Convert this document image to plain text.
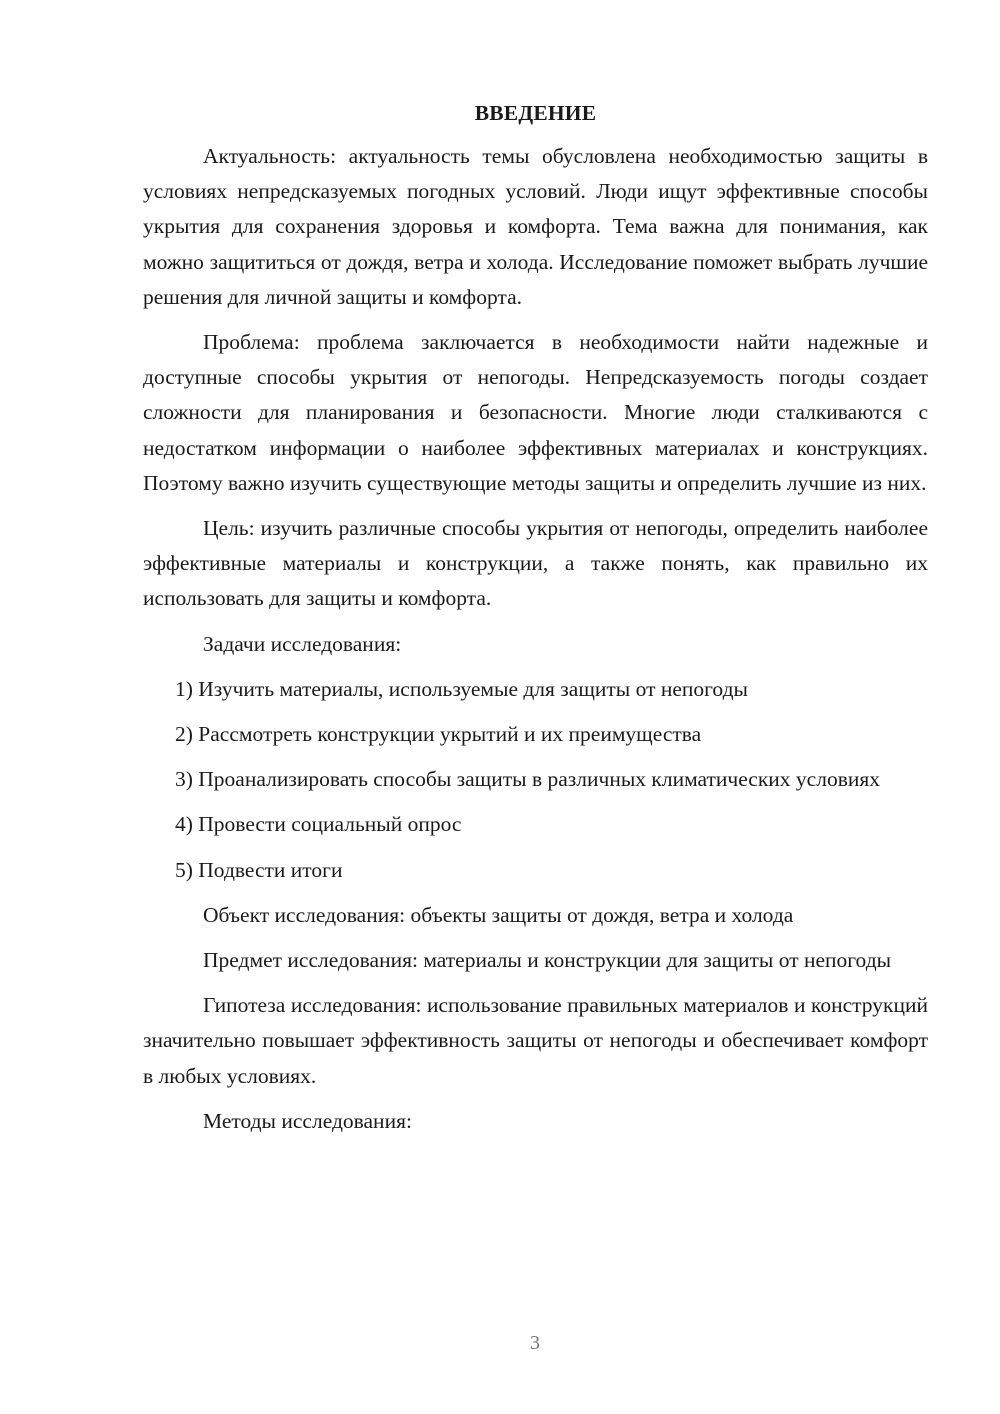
ВВЕДЕНИЕ

Актуальность: актуальность темы обусловлена необходимостью защиты в условиях непредсказуемых погодных условий. Люди ищут эффективные способы укрытия для сохранения здоровья и комфорта. Тема важна для понимания, как можно защититься от дождя, ветра и холода. Исследование поможет выбрать лучшие решения для личной защиты и комфорта.

Проблема: проблема заключается в необходимости найти надежные и доступные способы укрытия от непогоды. Непредсказуемость погоды создает сложности для планирования и безопасности. Многие люди сталкиваются с недостатком информации о наиболее эффективных материалах и конструкциях. Поэтому важно изучить существующие методы защиты и определить лучшие из них.

Цель: изучить различные способы укрытия от непогоды, определить наиболее эффективные материалы и конструкции, а также понять, как правильно их использовать для защиты и комфорта.

Задачи исследования:

1) Изучить материалы, используемые для защиты от непогоды

2) Рассмотреть конструкции укрытий и их преимущества

3) Проанализировать способы защиты в различных климатических условиях

4) Провести социальный опрос

5) Подвести итоги

Объект исследования: объекты защиты от дождя, ветра и холода

Предмет исследования: материалы и конструкции для защиты от непогоды

Гипотеза исследования: использование правильных материалов и конструкций значительно повышает эффективность защиты от непогоды и обеспечивает комфорт в любых условиях.

Методы исследования:

3
